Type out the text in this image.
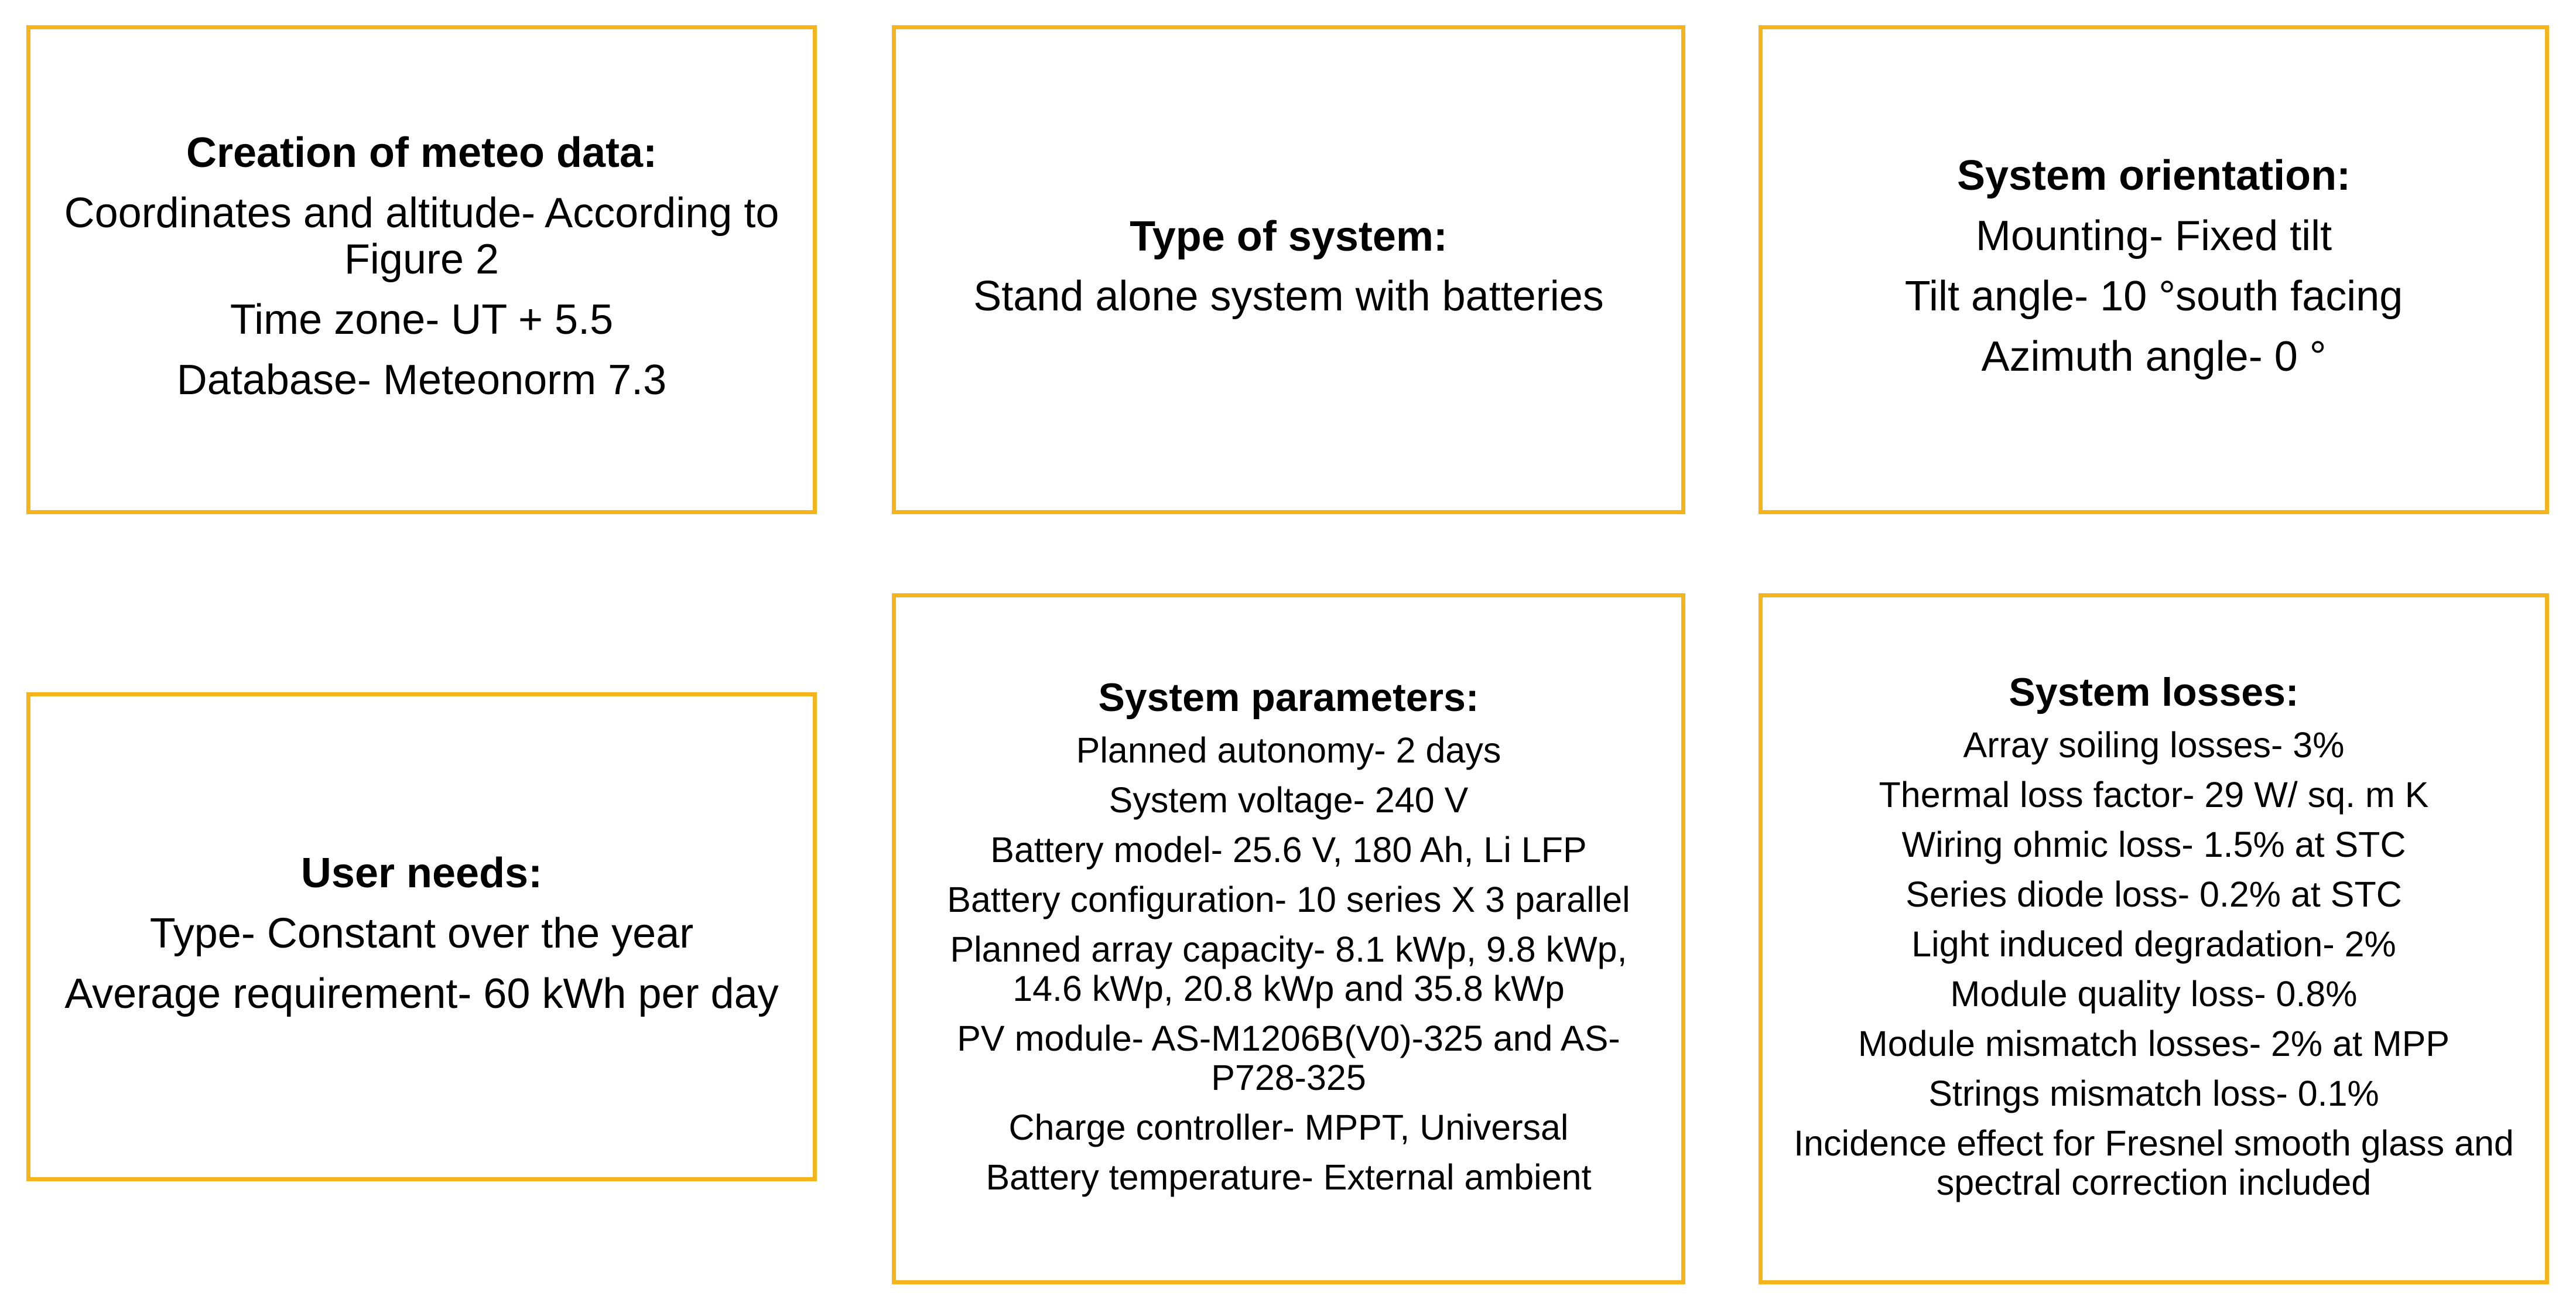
Creation of meteo data:
Coordinates and altitude- According to Figure 2
Time zone- UT + 5.5
Database- Meteonorm 7.3
Type of system:
Stand alone system with batteries
System orientation:
Mounting- Fixed tilt
Tilt angle- 10 °south facing
Azimuth angle- 0 °
User needs:
Type- Constant over the year
Average requirement- 60 kWh per day
System parameters:
Planned autonomy- 2 days
System voltage- 240 V
Battery model- 25.6 V, 180 Ah, Li LFP
Battery configuration- 10 series X 3 parallel
Planned array capacity- 8.1 kWp, 9.8 kWp, 14.6 kWp, 20.8 kWp and 35.8 kWp
PV module- AS-M1206B(V0)-325 and AS-P728-325
Charge controller- MPPT, Universal
Battery temperature- External ambient
System losses:
Array soiling losses- 3%
Thermal loss factor- 29 W/ sq. m K
Wiring ohmic loss- 1.5% at STC
Series diode loss- 0.2% at STC
Light induced degradation- 2%
Module quality loss- 0.8%
Module mismatch losses- 2% at MPP
Strings mismatch loss- 0.1%
Incidence effect for Fresnel smooth glass and spectral correction included
